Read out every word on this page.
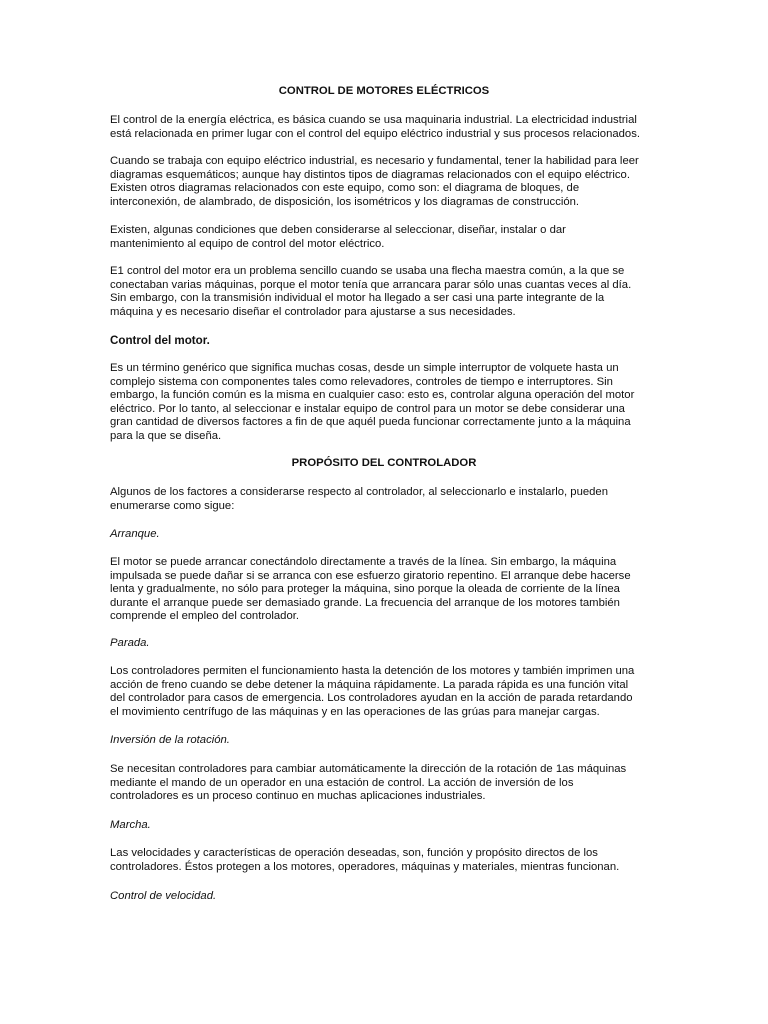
CONTROL DE MOTORES ELÉCTRICOS

El control de la energía eléctrica, es básica cuando se usa maquinaria industrial. La electricidad industrial
está relacionada en primer lugar con el control del equipo eléctrico industrial y sus procesos relacionados.

Cuando se trabaja con equipo eléctrico industrial, es necesario y fundamental, tener la habilidad para leer
diagramas esquemáticos; aunque hay distintos tipos de diagramas relacionados con el equipo eléctrico.
Existen otros diagramas relacionados con este equipo, como son: el diagrama de bloques, de
interconexión, de alambrado, de disposición, los isométricos y los diagramas de construcción.

Existen, algunas condiciones que deben considerarse al seleccionar, diseñar, instalar o dar
mantenimiento al equipo de control del motor eléctrico.

E1 control del motor era un problema sencillo cuando se usaba una flecha maestra común, a la que se
conectaban varias máquinas, porque el motor tenía que arrancara parar sólo unas cuantas veces al día.
Sin embargo, con la transmisión individual el motor ha llegado a ser casi una parte integrante de la
máquina y es necesario diseñar el controlador para ajustarse a sus necesidades.

Control del motor.

Es un término genérico que significa muchas cosas, desde un simple interruptor de volquete hasta un
complejo sistema con componentes tales como relevadores, controles de tiempo e interruptores. Sin
embargo, la función común es la misma en cualquier caso: esto es, controlar alguna operación del motor
eléctrico. Por lo tanto, al seleccionar e instalar equipo de control para un motor se debe considerar una
gran cantidad de diversos factores a fin de que aquél pueda funcionar correctamente junto a la máquina
para la que se diseña.

PROPÓSITO DEL CONTROLADOR

Algunos de los factores a considerarse respecto al controlador, al seleccionarlo e instalarlo, pueden
enumerarse como sigue:

Arranque.

El motor se puede arrancar conectándolo directamente a través de la línea. Sin embargo, la máquina
impulsada se puede dañar si se arranca con ese esfuerzo giratorio repentino. El arranque debe hacerse
lenta y gradualmente, no sólo para proteger la máquina, sino porque la oleada de corriente de la línea
durante el arranque puede ser demasiado grande. La frecuencia del arranque de los motores también
comprende el empleo del controlador.

Parada.

Los controladores permiten el funcionamiento hasta la detención de los motores y también imprimen una
acción de freno cuando se debe detener la máquina rápidamente. La parada rápida es una función vital
del controlador para casos de emergencia. Los controladores ayudan en la acción de parada retardando
el movimiento centrífugo de las máquinas y en las operaciones de las grúas para manejar cargas.

Inversión de la rotación.

Se necesitan controladores para cambiar automáticamente la dirección de la rotación de 1as máquinas
mediante el mando de un operador en una estación de control. La acción de inversión de los
controladores es un proceso continuo en muchas aplicaciones industriales.

Marcha.

Las velocidades y características de operación deseadas, son, función y propósito directos de los
controladores. Éstos protegen a los motores, operadores, máquinas y materiales, mientras funcionan.

Control de velocidad.
